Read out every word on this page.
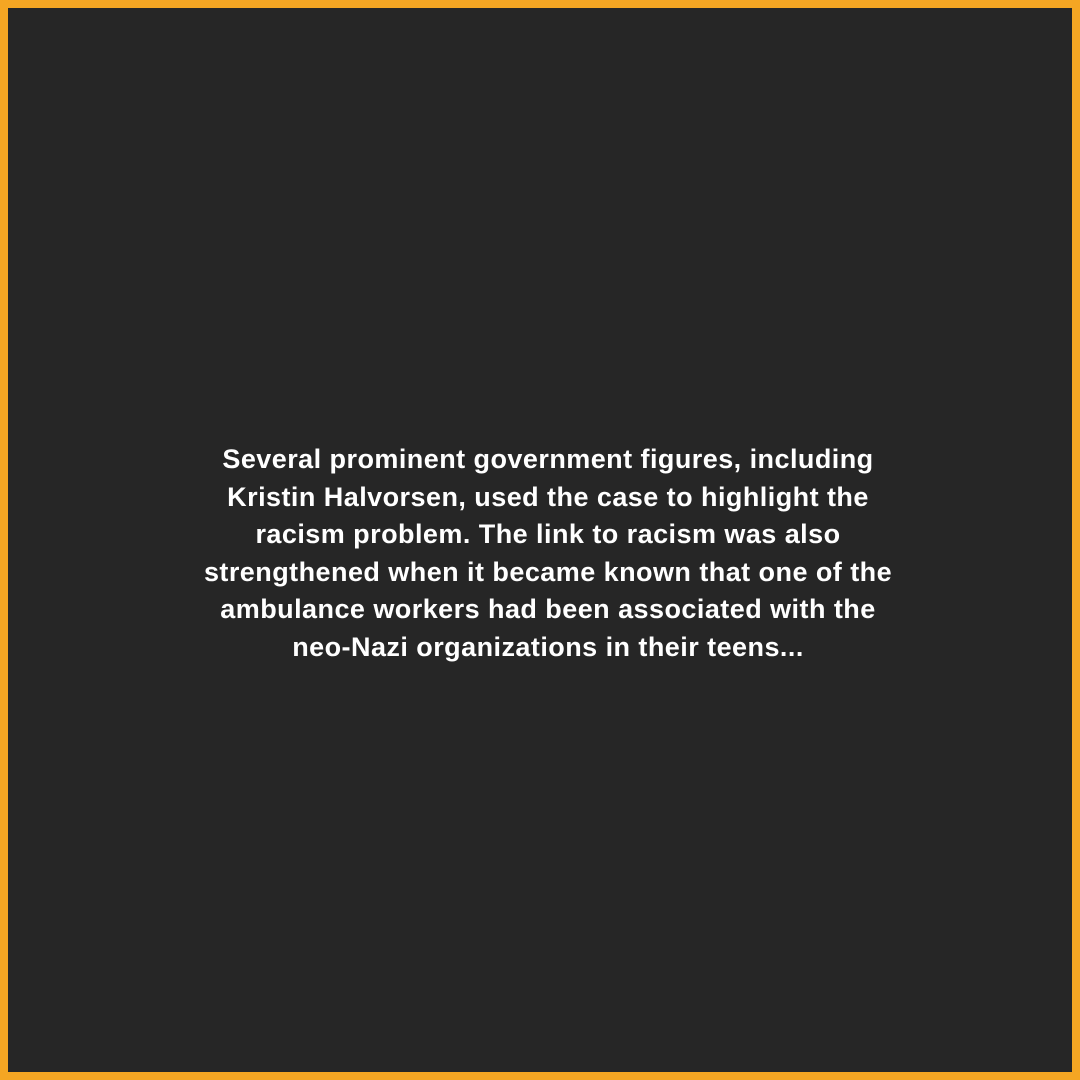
Several prominent government figures, including
Kristin Halvorsen, used the case to highlight the
racism problem. The link to racism was also
strengthened when it became known that one of the
ambulance workers had been associated with the
neo-Nazi organizations in their teens...
